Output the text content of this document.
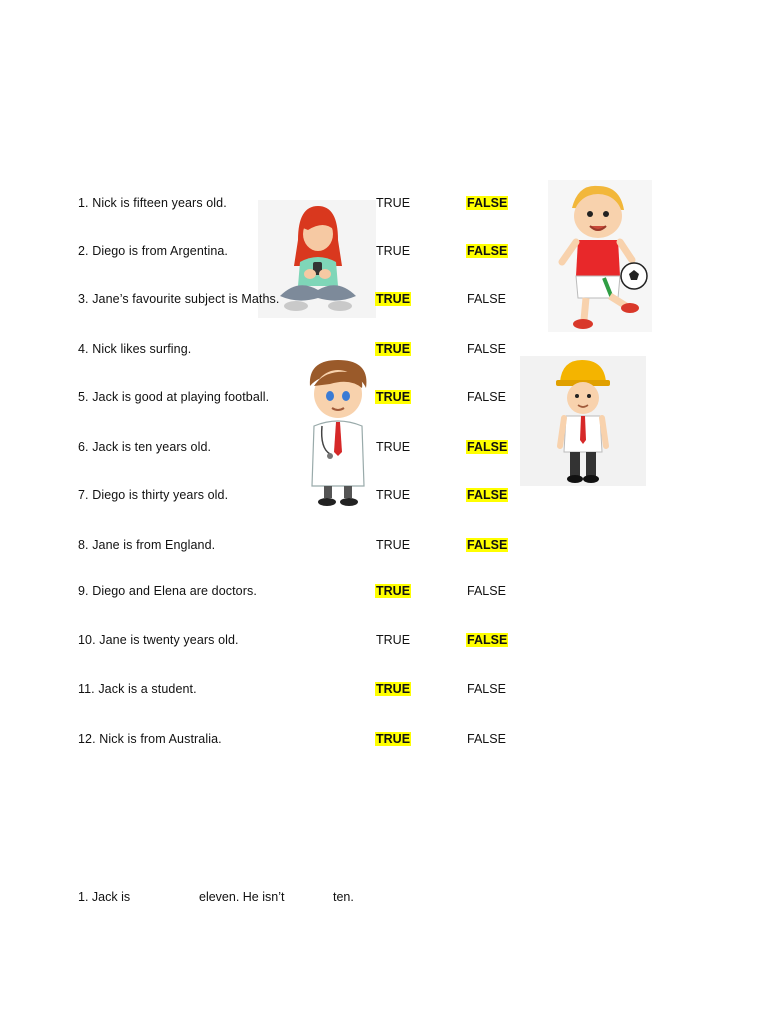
1. Nick is fifteen years old.	TRUE	FALSE
2. Diego is from Argentina.	TRUE	FALSE
3. Jane’s favourite subject is Maths.	TRUE	FALSE
4. Nick likes surfing.	TRUE	FALSE
5. Jack is good at playing football.	TRUE	FALSE
6. Jack is ten years old.	TRUE	FALSE
7. Diego is thirty years old.	TRUE	FALSE
8. Jane is from England.	TRUE	FALSE
9. Diego and Elena are doctors.	TRUE	FALSE
10. Jane is twenty years old.	TRUE	FALSE
11. Jack is a student.	TRUE	FALSE
12. Nick is from Australia.	TRUE	FALSE
1. Jack is	eleven. He isn’t	ten.
